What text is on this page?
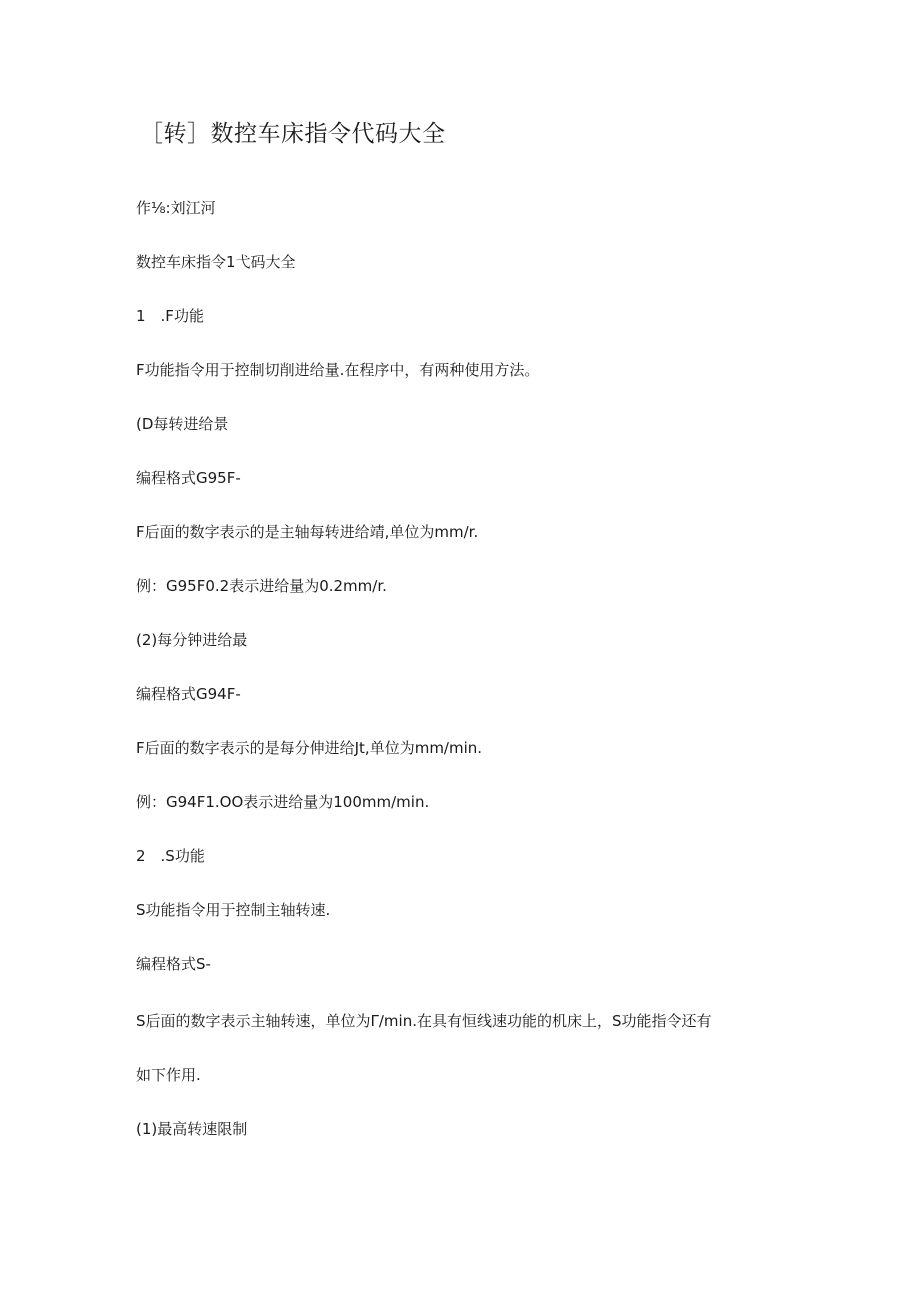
［转］数控车床指令代码大全
作⅛:刘江河
数控车床指令1弋码大全
1　.F功能
F功能指令用于控制切削进给量.在程序中，有两种使用方法。
(D每转进给景
编程格式G95F-
F后面的数字表示的是主轴每转进给靖,单位为mm∕r.
例：G95F0.2表示进给量为0.2mm∕r.
(2)每分钟进给最
编程格式G94F-
F后面的数字表示的是每分伸进给Jt,单位为mm∕min.
例：G94F1.OO表示进给量为100mm∕min.
2　.S功能
S功能指令用于控制主轴转速.
编程格式S-
S后面的数字表示主轴转速，单位为Γ∕min.在具有恒线速功能的机床上，S功能指令还有
如下作用.
(1)最高转速限制
